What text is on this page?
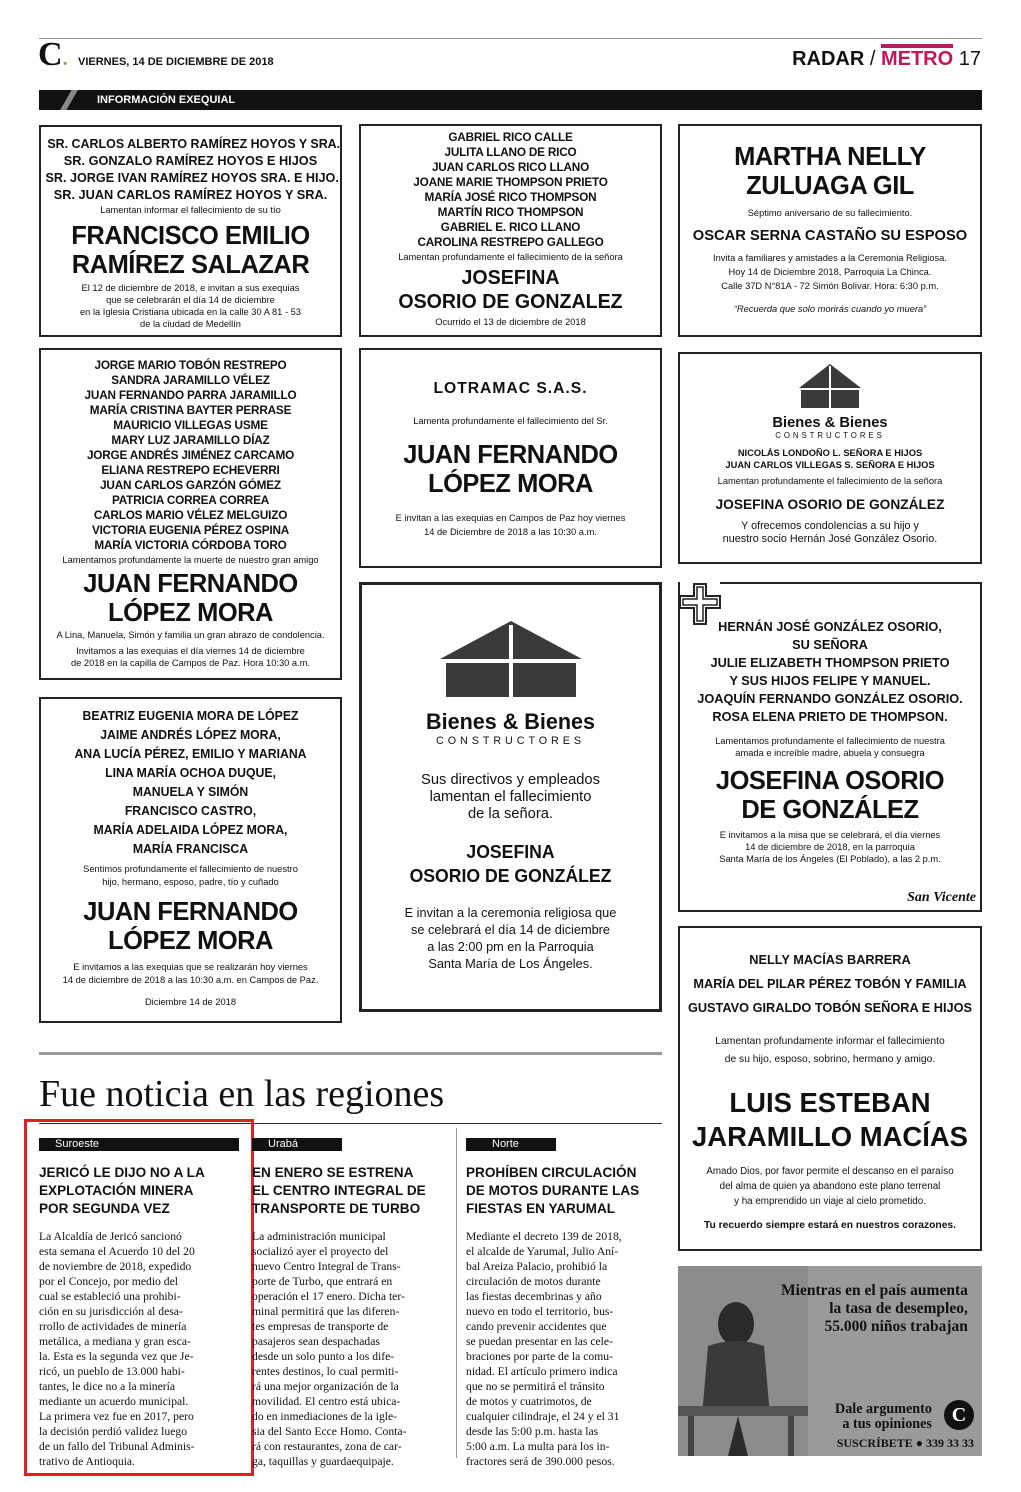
C. VIERNES, 14 DE DICIEMBRE DE 2018	RADAR / METRO 17
INFORMACIÓN EXEQUIAL
SR. CARLOS ALBERTO RAMÍREZ HOYOS Y SRA.
SR. GONZALO RAMÍREZ HOYOS E HIJOS
SR. JORGE IVAN RAMÍREZ HOYOS SRA. E HIJO.
SR. JUAN CARLOS RAMÍREZ HOYOS Y SRA.
Lamentan informar el fallecimiento de su tío
FRANCISCO EMILIO
RAMÍREZ SALAZAR
El 12 de diciembre de 2018, e invitan a sus exequias
que se celebrarán el día 14 de diciembre
en la Iglesia Cristiana ubicada en la calle 30 A 81 - 53
de la ciudad de Medellín
GABRIEL RICO CALLE
JULITA LLANO DE RICO
JUAN CARLOS RICO LLANO
JOANE MARIE THOMPSON PRIETO
MARÍA JOSÉ RICO THOMPSON
MARTÍN RICO THOMPSON
GABRIEL E. RICO LLANO
CAROLINA RESTREPO GALLEGO
Lamentan profundamente el fallecimiento de la señora
JOSEFINA
OSORIO DE GONZALEZ
Ocurrido el 13 de diciembre de 2018
MARTHA NELLY
ZULUAGA GIL
Séptimo aniversario de su fallecimiento.
OSCAR SERNA CASTAÑO SU ESPOSO
Invita a familiares y amistades a la Ceremonia Religiosa.
Hoy 14 de Diciembre 2018, Parroquia La Chinca.
Calle 37D N°81A - 72 Simón Bolivar. Hora: 6:30 p.m.
“Recuerda que solo morirás cuando yo muera”
JORGE MARIO TOBÓN RESTREPO
SANDRA JARAMILLO VÉLEZ
JUAN FERNANDO PARRA JARAMILLO
MARÍA CRISTINA BAYTER PERRASE
MAURICIO VILLEGAS USME
MARY LUZ JARAMILLO DÍAZ
JORGE ANDRÉS JIMÉNEZ CARCAMO
ELIANA RESTREPO ECHEVERRI
JUAN CARLOS GARZÓN GÓMEZ
PATRICIA CORREA CORREA
CARLOS MARIO VÉLEZ MELGUIZO
VICTORIA EUGENIA PÉREZ OSPINA
MARÍA VICTORIA CÓRDOBA TORO
Lamentamos profundamente la muerte de nuestro gran amigo
JUAN FERNANDO
LÓPEZ MORA
A Lina, Manuela, Simón y familia un gran abrazo de condolencia.
Invitamos a las exequias el día viernes 14 de diciembre
de 2018 en la capilla de Campos de Paz. Hora 10:30 a.m.
LOTRAMAC S.A.S.
Lamenta profundamente el fallecimiento del Sr.
JUAN FERNANDO
LÓPEZ MORA
E invitan a las exequias en Campos de Paz hoy viernes
14 de Diciembre de 2018 a las 10:30 a.m.
Bienes & Bienes
CONSTRUCTORES
NICOLÁS LONDOÑO L. SEÑORA E HIJOS
JUAN CARLOS VILLEGAS S. SEÑORA E HIJOS
Lamentan profundamente el fallecimiento de la señora
JOSEFINA OSORIO DE GONZÁLEZ
Y ofrecemos condolencias a su hijo y
nuestro socio Hernán José González Osorio.
Bienes & Bienes
CONSTRUCTORES
Sus directivos y empleados
lamentan el fallecimiento
de la señora.
JOSEFINA
OSORIO DE GONZÁLEZ
E invitan a la ceremonia religiosa que
se celebrará el día 14 de diciembre
a las 2:00 pm en la Parroquia
Santa María de Los Ángeles.
HERNÁN JOSÉ GONZÁLEZ OSORIO,
SU SEÑORA
JULIE ELIZABETH THOMPSON PRIETO
Y SUS HIJOS FELIPE Y MANUEL.
JOAQUÍN FERNANDO GONZÁLEZ OSORIO.
ROSA ELENA PRIETO DE THOMPSON.
Lamentamos profundamente el fallecimiento de nuestra
amada e increíble madre, abuela y consuegra
JOSEFINA OSORIO
DE GONZÁLEZ
E invitamos a la misa que se celebrará, el día viernes
14 de diciembre de 2018, en la parroquia
Santa María de los Ángeles (El Poblado), a las 2 p.m.
San Vicente
BEATRIZ EUGENIA MORA DE LÓPEZ
JAIME ANDRÉS LÓPEZ MORA,
ANA LUCÍA PÉREZ, EMILIO Y MARIANA
LINA MARÍA OCHOA DUQUE,
MANUELA Y SIMÓN
FRANCISCO CASTRO,
MARÍA ADELAIDA LÓPEZ MORA,
MARÍA FRANCISCA
Sentimos profundamente el fallecimiento de nuestro
hijo, hermano, esposo, padre, tío y cuñado
JUAN FERNANDO
LÓPEZ MORA
E invitamos a las exequias que se realizarán hoy viernes
14 de diciembre de 2018 a las 10:30 a.m. en Campos de Paz.
Diciembre 14 de 2018
NELLY MACÍAS BARRERA
MARÍA DEL PILAR PÉREZ TOBÓN Y FAMILIA
GUSTAVO GIRALDO TOBÓN SEÑORA E HIJOS
Lamentan profundamente informar el fallecimiento
de su hijo, esposo, sobrino, hermano y amigo.
LUIS ESTEBAN
JARAMILLO MACÍAS
Amado Dios, por favor permite el descanso en el paraíso
del alma de quien ya abandono este plano terrenal
y ha emprendido un viaje al cielo prometido.
Tu recuerdo siempre estará en nuestros corazones.
Fue noticia en las regiones
Suroeste
JERICÓ LE DIJO NO A LA
EXPLOTACIÓN MINERA
POR SEGUNDA VEZ
La Alcaldía de Jericó sancionó
esta semana el Acuerdo 10 del 20
de noviembre de 2018, expedido
por el Concejo, por medio del
cual se estableció una prohibi-
ción en su jurisdicción al desa-
rrollo de actividades de minería
metálica, a mediana y gran esca-
la. Esta es la segunda vez que Je-
ricó, un pueblo de 13.000 habi-
tantes, le dice no a la minería
mediante un acuerdo municipal.
La primera vez fue en 2017, pero
la decisión perdió validez luego
de un fallo del Tribunal Adminis-
trativo de Antioquia.
Urabá
EN ENERO SE ESTRENA
EL CENTRO INTEGRAL DE
TRANSPORTE DE TURBO
La administración municipal
socializó ayer el proyecto del
nuevo Centro Integral de Trans-
porte de Turbo, que entrará en
operación el 17 enero. Dicha ter-
minal permitirá que las diferen-
tes empresas de transporte de
pasajeros sean despachadas
desde un solo punto a los dife-
rentes destinos, lo cual permiti-
rá una mejor organización de la
movilidad. El centro está ubica-
do en inmediaciones de la igle-
sia del Santo Ecce Homo. Conta-
rá con restaurantes, zona de car-
ga, taquillas y guardaequipaje.
Norte
PROHÍBEN CIRCULACIÓN
DE MOTOS DURANTE LAS
FIESTAS EN YARUMAL
Mediante el decreto 139 de 2018,
el alcalde de Yarumal, Julio Aní-
bal Areiza Palacio, prohibió la
circulación de motos durante
las fiestas decembrinas y año
nuevo en todo el territorio, bus-
cando prevenir accidentes que
se puedan presentar en las cele-
braciones por parte de la comu-
nidad. El artículo primero indica
que no se permitirá el tránsito
de motos y cuatrimotos, de
cualquier cilindraje, el 24 y el 31
desde las 5:00 p.m. hasta las
5:00 a.m. La multa para los in-
fractores será de 390.000 pesos.
Mientras en el país aumenta
la tasa de desempleo,
55.000 niños trabajan
Dale argumento
a tus opiniones C
SUSCRÍBETE ● 339 33 33
